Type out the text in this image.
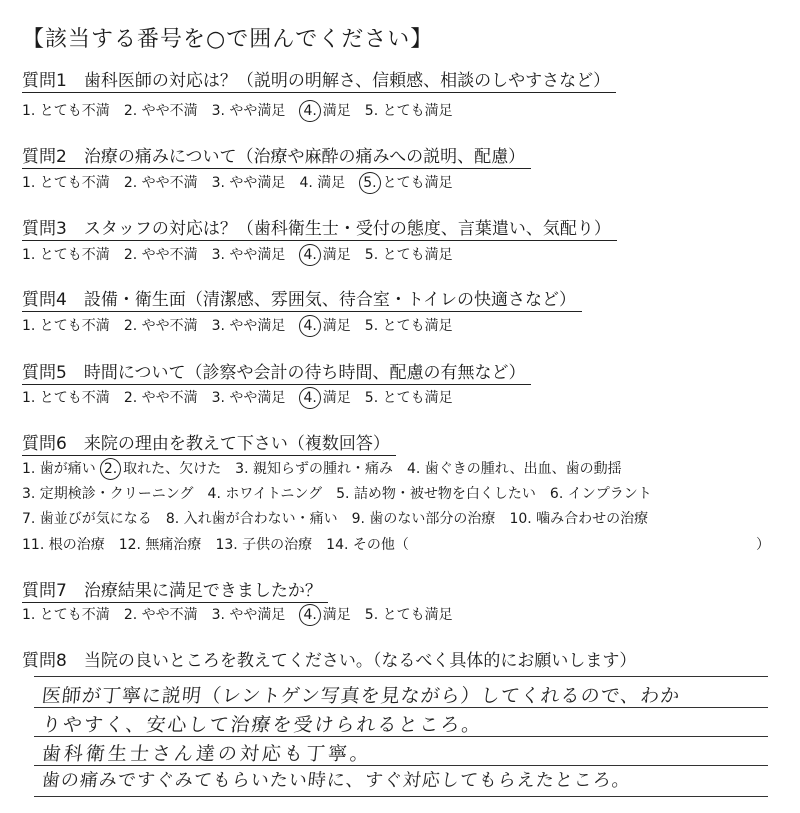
【該当する番号を○で囲んでください】
質問1　歯科医師の対応は？（説明の明解さ、信頼感、相談のしやすさなど）
1. とても不満 2. やや不満 3. やや満足 4. 満足 5. とても満足
質問2　治療の痛みについて（治療や麻酔の痛みへの説明、配慮）
1. とても不満 2. やや不満 3. やや満足 4. 満足 5. とても満足
質問3　スタッフの対応は？（歯科衛生士・受付の態度、言葉遣い、気配り）
1. とても不満 2. やや不満 3. やや満足 4. 満足 5. とても満足
質問4　設備・衛生面（清潔感、雰囲気、待合室・トイレの快適さなど）
1. とても不満 2. やや不満 3. やや満足 4. 満足 5. とても満足
質問5　時間について（診察や会計の待ち時間、配慮の有無など）
1. とても不満 2. やや不満 3. やや満足 4. 満足 5. とても満足
質問6　来院の理由を教えて下さい（複数回答）
1. 歯が痛い 2. 取れた、欠けた 3. 親知らずの腫れ・痛み 4. 歯ぐきの腫れ、出血、歯の動揺
3. 定期検診・クリーニング 4. ホワイトニング 5. 詰め物・被せ物を白くしたい 6. インプラント
7. 歯並びが気になる 8. 入れ歯が合わない・痛い 9. 歯のない部分の治療 10. 噛み合わせの治療
11. 根の治療 12. 無痛治療 13. 子供の治療 14. その他（	）
質問7　治療結果に満足できましたか？
1. とても不満 2. やや不満 3. やや満足 4. 満足 5. とても満足
質問8　当院の良いところを教えてください。（なるべく具体的にお願いします）
医師が丁寧に説明（レントゲン写真を見ながら）してくれるので、わか
りやすく、安心して治療を受けられるところ。
歯科衛生士さん達の対応も丁寧。
歯の痛みですぐみてもらいたい時に、すぐ対応してもらえたところ。
